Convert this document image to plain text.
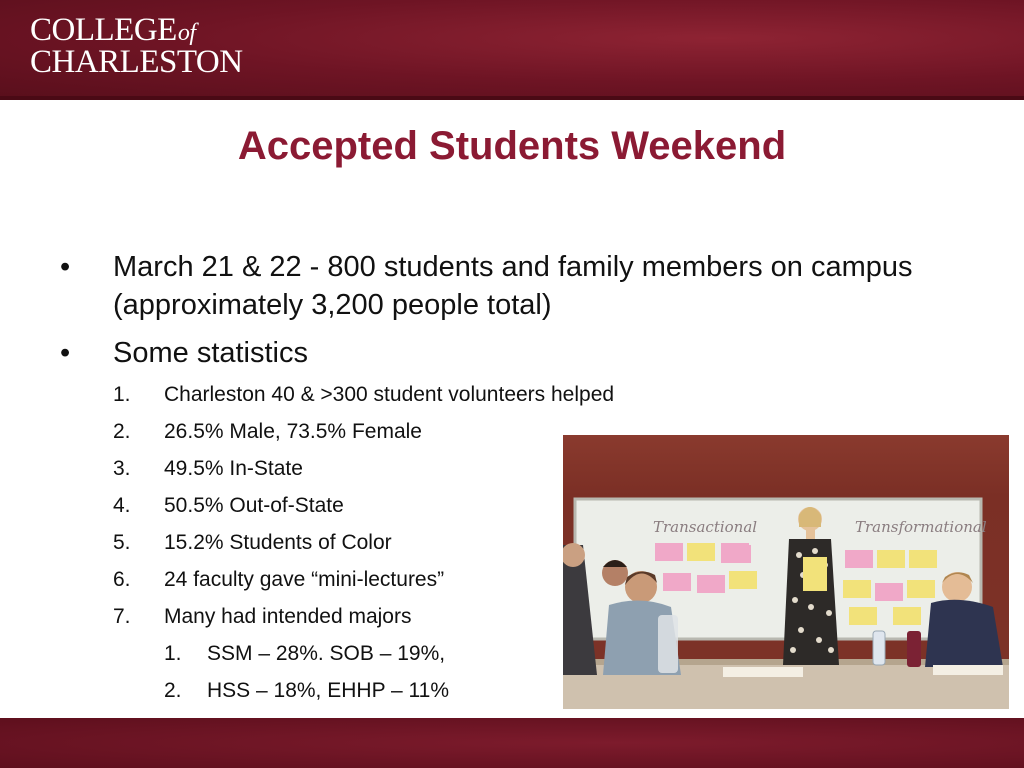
COLLEGE of
CHARLESTON
Accepted Students Weekend
• March 21 & 22 - 800 students and family members on campus (approximately 3,200 people total)
• Some statistics
1. Charleston 40 & >300 student volunteers helped
2. 26.5% Male, 73.5% Female
3. 49.5% In-State
4. 50.5% Out-of-State
5. 15.2% Students of Color
6. 24 faculty gave “mini-lectures”
7. Many had intended majors
1. SSM – 28%. SOB – 19%,
2. HSS – 18%, EHHP – 11%
Transactional	Transformational
